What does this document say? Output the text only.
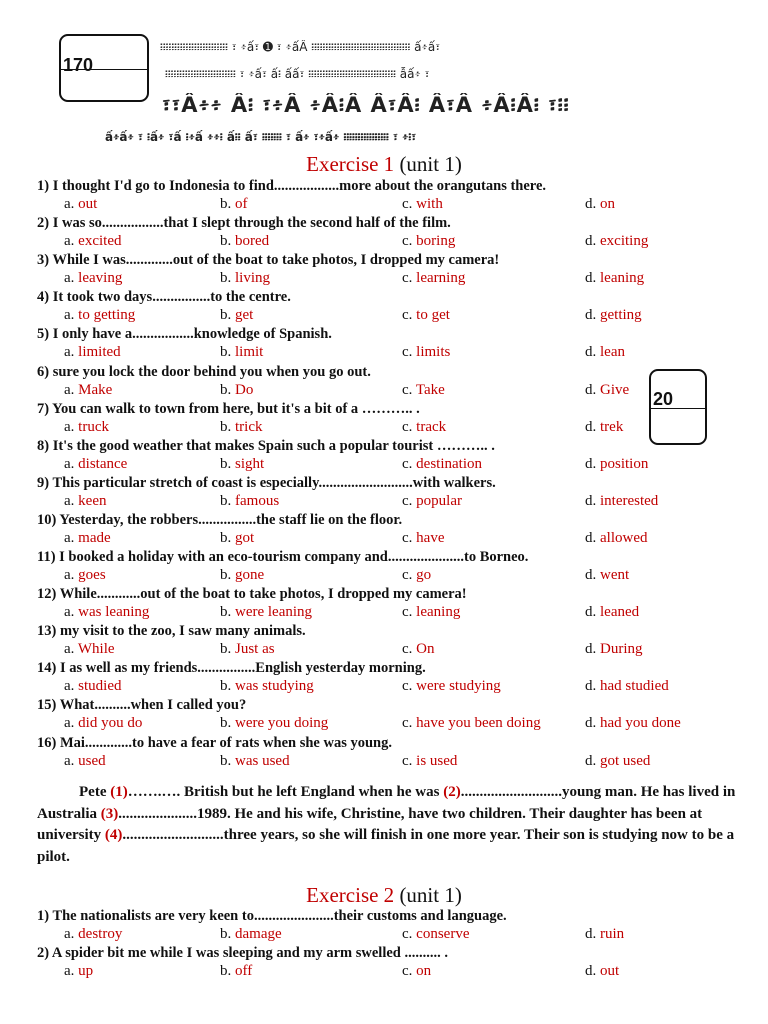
170
፧፧፧፧፧፧፧፧፧፧፧፧፧፧፧፧፧፧፧፧፧፧፧፧ ፣ ፥ấ፣ ➊ ፣ ፥ấẪ ፧፧፧፧፧፧፧፧፧፧፧፧፧፧፧፧፧፧፧፧፧፧፧፧፧፧፧፧፧፧፧፧፧፧፧ ấ፥ấ፣
፧፧፧፧፧፧፧፧፧፧፧፧፧፧፧፧፧፧፧፧፧፧፧፧፧ ፣ ፥ấ፣ ấ፧ ấấ፣ ፧፧፧፧፧፧፧፧፧፧፧፧፧፧፧፧፧፧፧፧፧፧፧፧፧፧፧፧፧፧፧ ẫấ፥ ፣
፣፣Ấ፥፥ Ấ፧ ፣፥Ẫ ፥Ấ፧Ấ Ấ፣Ấ፧ Ấ፣Ẫ ፥Ấ፧Ấ፧ ፣፧፧
ấ፥ấ፥ ፣ ፧ấ፥ ፣ấ ፧፥ấ ፥፥፧ ấ፧፧ ấ፣ ፧፧፧፧፧፧፧ ፣ ấ፥ ፣፥ấ፥ ፧፧፧፧፧፧፧፧፧፧፧፧፧፧፧፧ ፣ ፥፧፣
20
Exercise 1 (unit 1)
1) I thought I'd go to Indonesia to find..................more about the orangutans there.
a. out	b. of	c. with	d. on
2) I was so.................that I slept through the second half of the film.
a. excited	b. bored	c. boring	d. exciting
3) While I was.............out of the boat to take photos, I dropped my camera!
a. leaving	b. living	c. learning	d. leaning
4) It took two days................to the centre.
a. to getting	b. get	c. to get	d. getting
5) I only have a.................knowledge of Spanish.
a. limited	b. limit	c. limits	d. lean
6) sure you lock the door behind you when you go out.
a. Make	b. Do	c. Take	d. Give
7) You can walk to town from here, but it's a bit of a ……….. .
a. truck	b. trick	c. track	d. trek
8) It's the good weather that makes Spain such a popular tourist ……….. .
a. distance	b. sight	c. destination	d. position
9) This particular stretch of coast is especially..........................with walkers.
a. keen	b. famous	c. popular	d. interested
10) Yesterday, the robbers................the staff lie on the floor.
a. made	b. got	c. have	d. allowed
11) I booked a holiday with an eco-tourism company and.....................to Borneo.
a. goes	b. gone	c. go	d. went
12) While............out of the boat to take photos, I dropped my camera!
a. was leaning	b. were leaning	c. leaning	d. leaned
13) my visit to the zoo, I saw many animals.
a. While	b. Just as	c. On	d. During
14) I as well as my friends................English yesterday morning.
a. studied	b. was studying	c. were studying	d. had studied
15) What..........when I called you?
a. did you do	b. were you doing	c. have you been doing	d. had you done
16) Mai.............to have a fear of rats when she was young.
a. used	b. was used	c. is used	d. got used
Pete (1)…….…. British but he left England when he was (2)...........................young man. He has lived in Australia (3).....................1989. He and his wife, Christine, have two children. Their daughter has been at university (4)...........................three years, so she will finish in one more year. Their son is studying now to be a pilot.
Exercise 2 (unit 1)
1) The nationalists are very keen to......................their customs and language.
a. destroy	b. damage	c. conserve	d. ruin
2) A spider bit me while I was sleeping and my arm swelled .......... .
a. up	b. off	c. on	d. out
